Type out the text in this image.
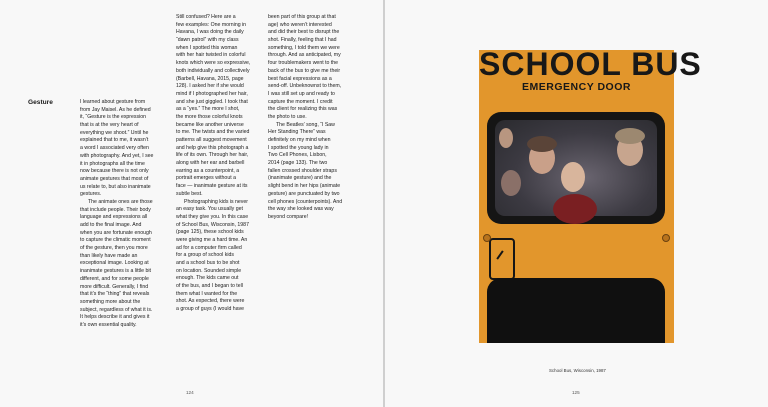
Gesture	I learned about gesture from

from Jay Maisel. As he defined

it, “Gesture is the expression

that is at the very heart of

everything we shoot.” Until he

explained that to me, it wasn’t

a word I associated very often

with photography. And yet, I see

it in photographs all the time

now because there is not only

animate gestures that most of

us relate to, but also inanimate

gestures.

The animate ones are those

that include people. Their body

language and expressions all

add to the final image. And

when you are fortunate enough

to capture the climatic moment

of the gesture, then you more

than likely have made an

exceptional image. Looking at

inanimate gestures is a little bit

different, and for some people

more difficult. Generally, I find

that it’s the “thing” that reveals

something more about the

subject, regardless of what it is.

It helps describe it and gives it

it’s own essential quality.

Still confused? Here are a

few examples: One morning in

Havana, I was doing the daily

“dawn patrol” with my class

when I spotted this woman

with her hair twisted in colorful

knots which were so expressive,

both individually and collectively

(Barbell, Havana, 2015, page

128). I asked her if she would

mind if I photographed her hair,

and she just giggled. I took that

as a “yes.” The more I shot,

the more those colorful knots

became like another universe

to me. The twists and the varied

patterns all suggest movement

and help give this photograph a

life of its own. Through her hair,

along with her ear and barbell

earring as a counterpoint, a

portrait emerges without a

face — inanimate gesture at its

subtle best.

Photographing kids is never

an easy task. You usually get

what they give you. In this case

of School Bus, Wisconsin, 1987

(page 125), these school kids

were giving me a hard time. An

ad for a computer firm called

for a group of school kids

and a school bus to be shot

on location. Sounded simple

enough. The kids came out

of the bus, and I began to tell

them what I wanted for the

shot. As expected, there were

a group of guys (I would have

been part of this group at that

age) who weren’t interested

and did their best to disrupt the

shot. Finally, feeling that I had

something, I told them we were

through. And as anticipated, my

four troublemakers went to the

back of the bus to give me their

best facial expressions as a

send-off. Unbeknownst to them,

I was still set up and ready to

capture the moment. I credit

the client for realizing this was

the photo to use.

The Beatles’ song, “I Saw

Her Standing There” was

definitely on my mind when

I spotted the young lady in

Two Cell Phones, Lisbon,

2014 (page 133). The two

fallen crossed shoulder straps

(inanimate gesture) and the

slight bend in her hips (animate

gesture) are punctuated by two

cell phones (counterpoints). And

the way she looked was way

beyond compare!

124	125
School Bus, Wisconsin, 1987
SCHOOL BUS
EMERGENCY DOOR
